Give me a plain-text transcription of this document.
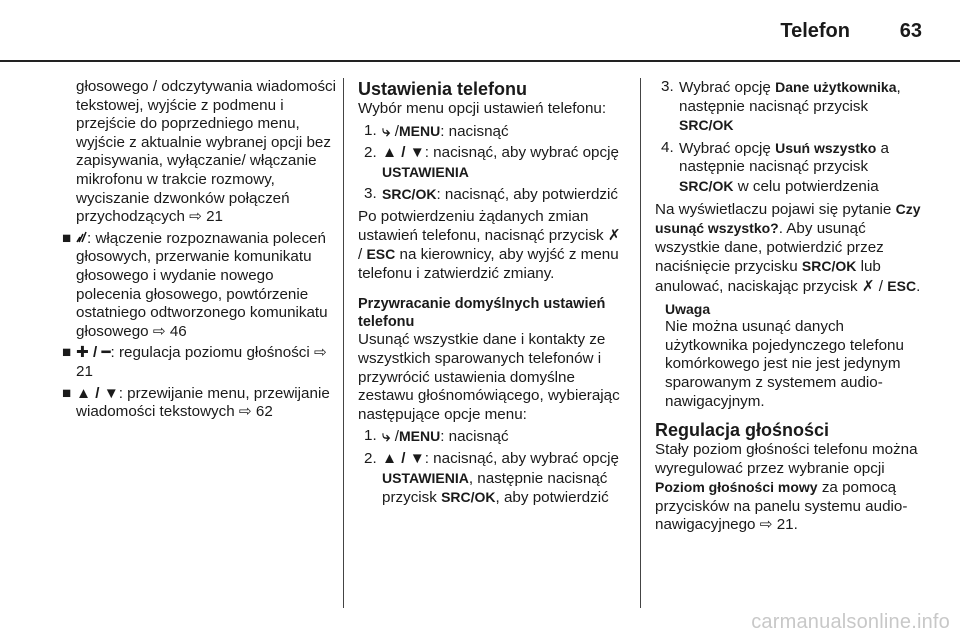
Telefon 63
głosowego / odczytywania wiadomości tekstowej, wyjście z podmenu i przejście do poprzedniego menu, wyjście z aktualnie wybranej opcji bez zapisywania, wyłączanie/ włączanie mikrofonu w trakcie rozmowy, wyciszanie dzwonków połączeń przychodzących ⇨ 21
■ : włączenie rozpoznawania poleceń głosowych, przerwanie komunikatu głosowego i wydanie nowego polecenia głosowego, powtórzenie ostatniego odtworzonego komunikatu głosowego ⇨ 46
■ ✚ / ━: regulacja poziomu głośności ⇨ 21
■ ▲ / ▼: przewijanie menu, przewijanie wiadomości tekstowych ⇨ 62
Ustawienia telefonu

Wybór menu opcji ustawień telefonu:

1. ⤷ /MENU: nacisnąć
2. ▲ / ▼: nacisnąć, aby wybrać opcję USTAWIENIA
3. SRC/OK: nacisnąć, aby potwierdzić

Po potwierdzeniu żądanych zmian ustawień telefonu, nacisnąć przycisk ✗ / ESC na kierownicy, aby wyjść z menu telefonu i zatwierdzić zmiany.

Przywracanie domyślnych ustawień telefonu

Usunąć wszystkie dane i kontakty ze wszystkich sparowanych telefonów i przywrócić ustawienia domyślne zestawu głośnomówiącego, wybierając następujące opcje menu:

1. ⤷ /MENU: nacisnąć
2. ▲ / ▼: nacisnąć, aby wybrać opcję USTAWIENIA, następnie nacisnąć przycisk SRC/OK, aby potwierdzić
3. Wybrać opcję Dane użytkownika, następnie nacisnąć przycisk SRC/OK
4. Wybrać opcję Usuń wszystko a następnie nacisnąć przycisk SRC/OK w celu potwierdzenia

Na wyświetlaczu pojawi się pytanie Czy usunąć wszystko?. Aby usunąć wszystkie dane, potwierdzić przez naciśnięcie przycisku SRC/OK lub anulować, naciskając przycisk ✗ / ESC.

Uwaga
Nie można usunąć danych użytkownika pojedynczego telefonu komórkowego jest nie jest jedynym sparowanym z systemem audio-nawigacyjnym.
Regulacja głośności

Stały poziom głośności telefonu można wyregulować przez wybranie opcji Poziom głośności mowy za pomocą przycisków na panelu systemu audio-nawigacyjnego ⇨ 21.

carmanualsonline.info
